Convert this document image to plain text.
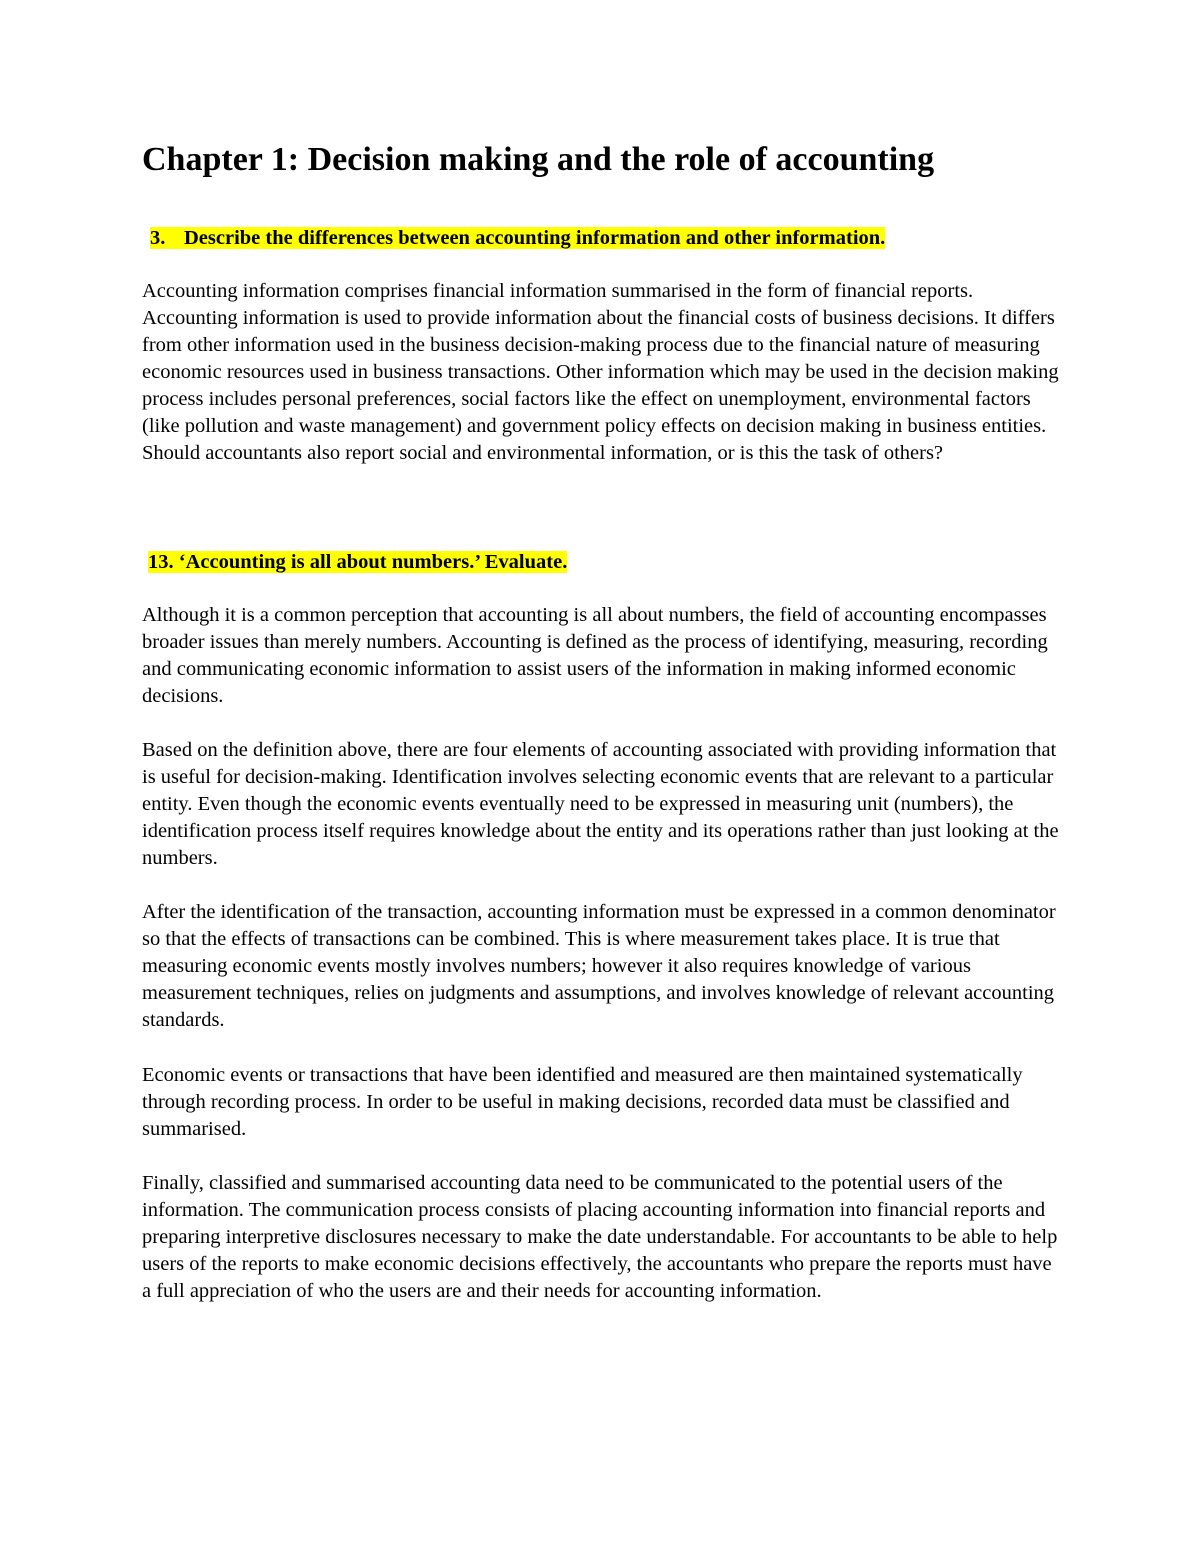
Chapter 1: Decision making and the role of accounting

3. Describe the differences between accounting information and other information.

Accounting information comprises financial information summarised in the form of financial reports. Accounting information is used to provide information about the financial costs of business decisions. It differs from other information used in the business decision-making process due to the financial nature of measuring economic resources used in business transactions. Other information which may be used in the decision making process includes personal preferences, social factors like the effect on unemployment, environmental factors (like pollution and waste management) and government policy effects on decision making in business entities. Should accountants also report social and environmental information, or is this the task of others?

13. ‘Accounting is all about numbers.’ Evaluate.

Although it is a common perception that accounting is all about numbers, the field of accounting encompasses broader issues than merely numbers. Accounting is defined as the process of identifying, measuring, recording and communicating economic information to assist users of the information in making informed economic decisions.

Based on the definition above, there are four elements of accounting associated with providing information that is useful for decision-making. Identification involves selecting economic events that are relevant to a particular entity. Even though the economic events eventually need to be expressed in measuring unit (numbers), the identification process itself requires knowledge about the entity and its operations rather than just looking at the numbers.

After the identification of the transaction, accounting information must be expressed in a common denominator so that the effects of transactions can be combined. This is where measurement takes place. It is true that measuring economic events mostly involves numbers; however it also requires knowledge of various measurement techniques, relies on judgments and assumptions, and involves knowledge of relevant accounting standards.

Economic events or transactions that have been identified and measured are then maintained systematically through recording process. In order to be useful in making decisions, recorded data must be classified and summarised.

Finally, classified and summarised accounting data need to be communicated to the potential users of the information. The communication process consists of placing accounting information into financial reports and preparing interpretive disclosures necessary to make the date understandable. For accountants to be able to help users of the reports to make economic decisions effectively, the accountants who prepare the reports must have a full appreciation of who the users are and their needs for accounting information.
